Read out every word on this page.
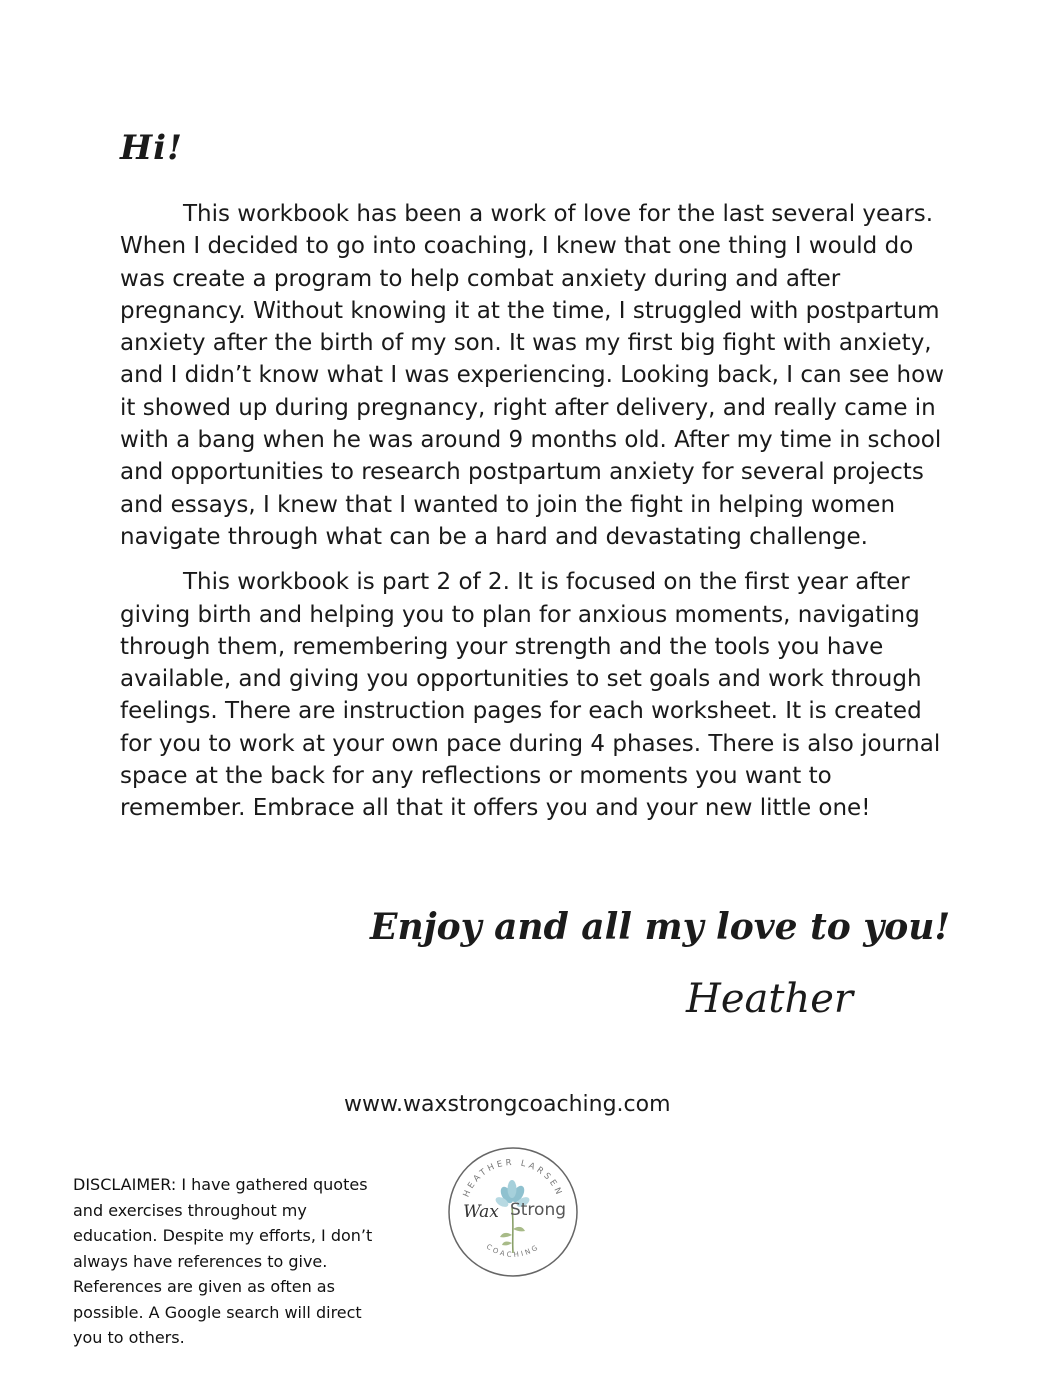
Hi!

This workbook has been a work of love for the last several years. When I decided to go into coaching, I knew that one thing I would do was create a program to help combat anxiety during and after pregnancy. Without knowing it at the time, I struggled with postpartum anxiety after the birth of my son. It was my first big fight with anxiety, and I didn’t know what I was experiencing. Looking back, I can see how it showed up during pregnancy, right after delivery, and really came in with a bang when he was around 9 months old. After my time in school and opportunities to research postpartum anxiety for several projects and essays, I knew that I wanted to join the fight in helping women navigate through what can be a hard and devastating challenge.

This workbook is part 2 of 2. It is focused on the first year after giving birth and helping you to plan for anxious moments, navigating through them, remembering your strength and the tools you have available, and giving you opportunities to set goals and work through feelings. There are instruction pages for each worksheet. It is created for you to work at your own pace during 4 phases. There is also journal space at the back for any reflections or moments you want to remember. Embrace all that it offers you and your new little one!

Enjoy and all my love to you!
Heather
www.waxstrongcoaching.com
DISCLAIMER: I have gathered quotes and exercises throughout my education. Despite my efforts, I don’t always have references to give. References are given as often as possible. A Google search will direct you to others.
HEATHER LARSEN
COACHING
Wax Strong
